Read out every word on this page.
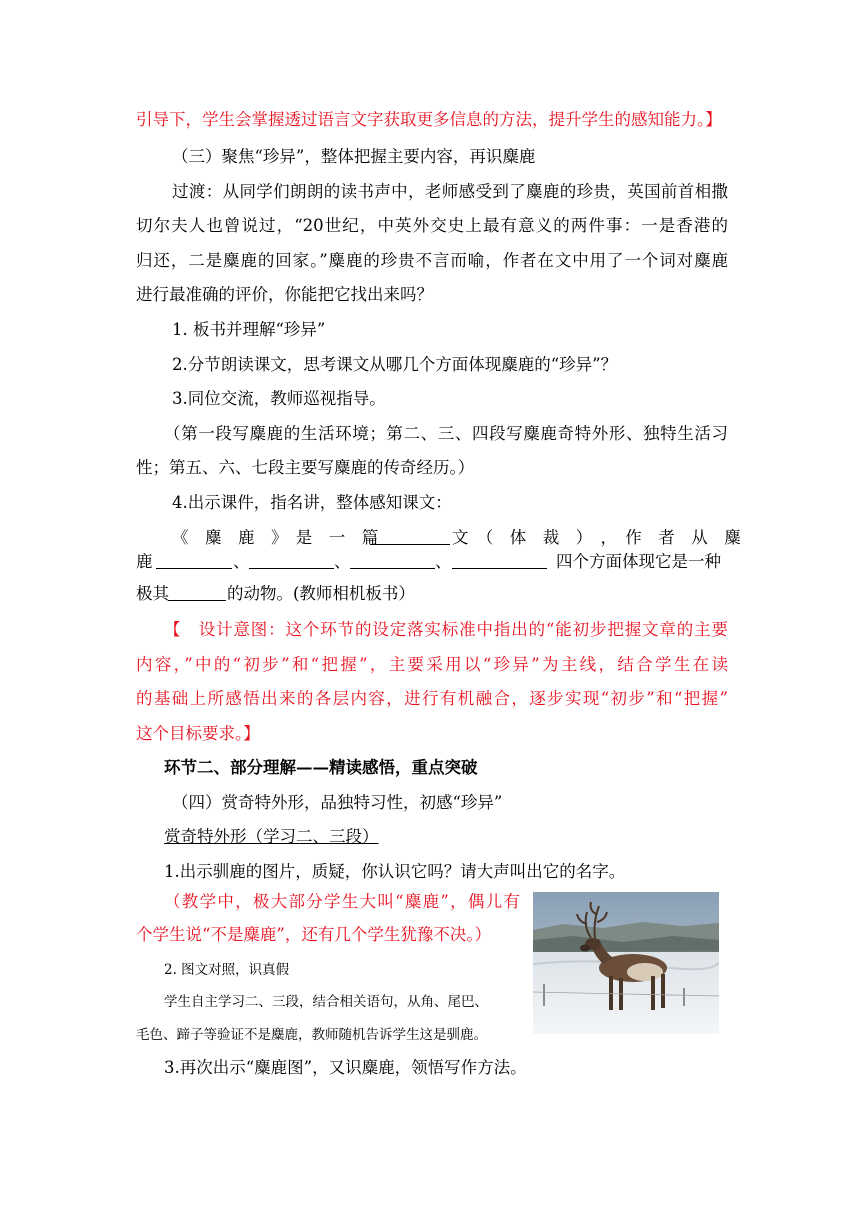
引导下，学生会掌握透过语言文字获取更多信息的方法，提升学生的感知能力。】
（三）聚焦“珍异”，整体把握主要内容，再识麋鹿
过渡：从同学们朗朗的读书声中，老师感受到了麋鹿的珍贵，英国前首相撒
切尔夫人也曾说过，“20世纪，中英外交史上最有意义的两件事：一是香港的
归还，二是麋鹿的回家。”麋鹿的珍贵不言而喻，作者在文中用了一个词对麋鹿
进行最准确的评价，你能把它找出来吗？
1. 板书并理解“珍异”
2.分节朗读课文，思考课文从哪几个方面体现麋鹿的“珍异”？
3.同位交流，教师巡视指导。
（第一段写麋鹿的生活环境；第二、三、四段写麋鹿奇特外形、独特生活习
性；第五、六、七段主要写麋鹿的传奇经历。）
4.出示课件，指名讲，整体感知课文：
《　麋　鹿　》　是　一　篇	文　（　体　裁　）　，　作　者　从　麋
鹿	、	、	、	四个方面体现它是一种
极其	的动物。(教师相机板书）
【　设计意图：这个环节的设定落实标准中指出的“能初步把握文章的主要
内容，”中的“初步”和“把握”，主要采用以“珍异”为主线，结合学生在读
的基础上所感悟出来的各层内容，进行有机融合，逐步实现“初步”和“把握”
这个目标要求。】
环节二、部分理解——精读感悟，重点突破
（四）赏奇特外形，品独特习性，初感“珍异”
赏奇特外形（学习二、三段）
1.出示驯鹿的图片，质疑，你认识它吗？请大声叫出它的名字。
（教学中，极大部分学生大叫“麋鹿”，偶儿有
个学生说“不是麋鹿”，还有几个学生犹豫不决。）
2. 图文对照，识真假
学生自主学习二、三段，结合相关语句，从角、尾巴、
毛色、蹄子等验证不是麋鹿，教师随机告诉学生这是驯鹿。
3.再次出示“麋鹿图”，又识麋鹿，领悟写作方法。
